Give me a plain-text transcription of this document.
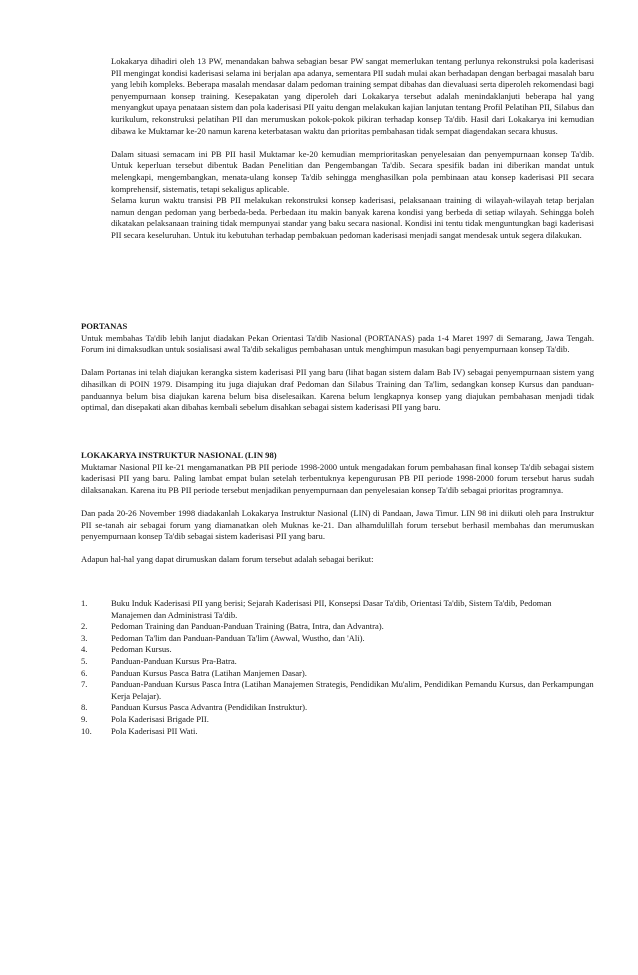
Lokakarya dihadiri oleh 13 PW, menandakan bahwa sebagian besar PW sangat memerlukan tentang perlunya rekonstruksi pola kaderisasi PII mengingat kondisi kaderisasi selama ini berjalan apa adanya, sementara PII sudah mulai akan berhadapan dengan berbagai masalah baru yang lebih kompleks. Beberapa masalah mendasar dalam pedoman training sempat dibahas dan dievaluasi serta diperoleh rekomendasi bagi penyempurnaan konsep training. Kesepakatan yang diperoleh dari Lokakarya tersebut adalah menindaklanjuti beberapa hal yang menyangkut upaya penataan sistem dan pola kaderisasi PII yaitu dengan melakukan kajian lanjutan tentang Profil Pelatihan PII, Silabus dan kurikulum, rekonstruksi pelatihan PII dan merumuskan pokok-pokok pikiran terhadap konsep Ta'dib. Hasil dari Lokakarya ini kemudian dibawa ke Muktamar ke-20 namun karena keterbatasan waktu dan prioritas pembahasan tidak sempat diagendakan secara khusus.

Dalam situasi semacam ini PB PII hasil Muktamar ke-20 kemudian memprioritaskan penyelesaian dan penyempurnaan konsep Ta'dib. Untuk keperluan tersebut dibentuk Badan Penelitian dan Pengembangan Ta'dib. Secara spesifik badan ini diberikan mandat untuk melengkapi, mengembangkan, menata-ulang konsep Ta'dib sehingga menghasilkan pola pembinaan atau konsep kaderisasi PII secara komprehensif, sistematis, tetapi sekaligus aplicable.

Selama kurun waktu transisi PB PII melakukan rekonstruksi konsep kaderisasi, pelaksanaan training di wilayah-wilayah tetap berjalan namun dengan pedoman yang berbeda-beda. Perbedaan itu makin banyak karena kondisi yang berbeda di setiap wilayah. Sehingga boleh dikatakan pelaksanaan training tidak mempunyai standar yang baku secara nasional. Kondisi ini tentu tidak menguntungkan bagi kaderisasi PII secara keseluruhan. Untuk itu kebutuhan terhadap pembakuan pedoman kaderisasi menjadi sangat mendesak untuk segera dilakukan.

PORTANAS

Untuk membahas Ta'dib lebih lanjut diadakan Pekan Orientasi Ta'dib Nasional (PORTANAS) pada 1-4 Maret 1997 di Semarang, Jawa Tengah. Forum ini dimaksudkan untuk sosialisasi awal Ta'dib sekaligus pembahasan untuk menghimpun masukan bagi penyempurnaan konsep Ta'dib.

Dalam Portanas ini telah diajukan kerangka sistem kaderisasi PII yang baru (lihat bagan sistem dalam Bab IV) sebagai penyempurnaan sistem yang dihasilkan di POIN 1979. Disamping itu juga diajukan draf Pedoman dan Silabus Training dan Ta'lim, sedangkan konsep Kursus dan panduan-panduannya belum bisa diajukan karena belum bisa diselesaikan. Karena belum lengkapnya konsep yang diajukan pembahasan menjadi tidak optimal, dan disepakati akan dibahas kembali sebelum disahkan sebagai sistem kaderisasi PII yang baru.

LOKAKARYA INSTRUKTUR NASIONAL (LIN 98)

Muktamar Nasional PII ke-21 mengamanatkan PB PII periode 1998-2000 untuk mengadakan forum pembahasan final konsep Ta'dib sebagai sistem kaderisasi PII yang baru. Paling lambat empat bulan setelah terbentuknya kepengurusan PB PII periode 1998-2000 forum tersebut harus sudah dilaksanakan. Karena itu PB PII periode tersebut menjadikan penyempurnaan dan penyelesaian konsep Ta'dib sebagai prioritas programnya.

Dan pada 20-26 November 1998 diadakanlah Lokakarya Instruktur Nasional (LIN) di Pandaan, Jawa Timur. LIN 98 ini diikuti oleh para Instruktur PII se-tanah air sebagai forum yang diamanatkan oleh Muknas ke-21. Dan alhamdulillah forum tersebut berhasil membahas dan merumuskan penyempurnaan konsep Ta'dib sebagai sistem kaderisasi PII yang baru.

Adapun hal-hal yang dapat dirumuskan dalam forum tersebut adalah sebagai berikut:

1.	Buku Induk Kaderisasi PII yang berisi; Sejarah Kaderisasi PII, Konsepsi Dasar Ta'dib, Orientasi Ta'dib, Sistem Ta'dib, Pedoman Manajemen dan Administrasi Ta'dib.
2.	Pedoman Training dan Panduan-Panduan Training (Batra, Intra, dan Advantra).
3.	Pedoman Ta'lim dan Panduan-Panduan Ta'lim (Awwal, Wustho, dan 'Ali).
4.	Pedoman Kursus.
5.	Panduan-Panduan Kursus Pra-Batra.
6.	Panduan Kursus Pasca Batra (Latihan Manjemen Dasar).
7.	Panduan-Panduan Kursus Pasca Intra (Latihan Manajemen Strategis, Pendidikan Mu'alim, Pendidikan Pemandu Kursus, dan Perkampungan Kerja Pelajar).
8.	Panduan Kursus Pasca Advantra (Pendidikan Instruktur).
9.	Pola Kaderisasi Brigade PII.
10. Pola Kaderisasi PII Wati.
